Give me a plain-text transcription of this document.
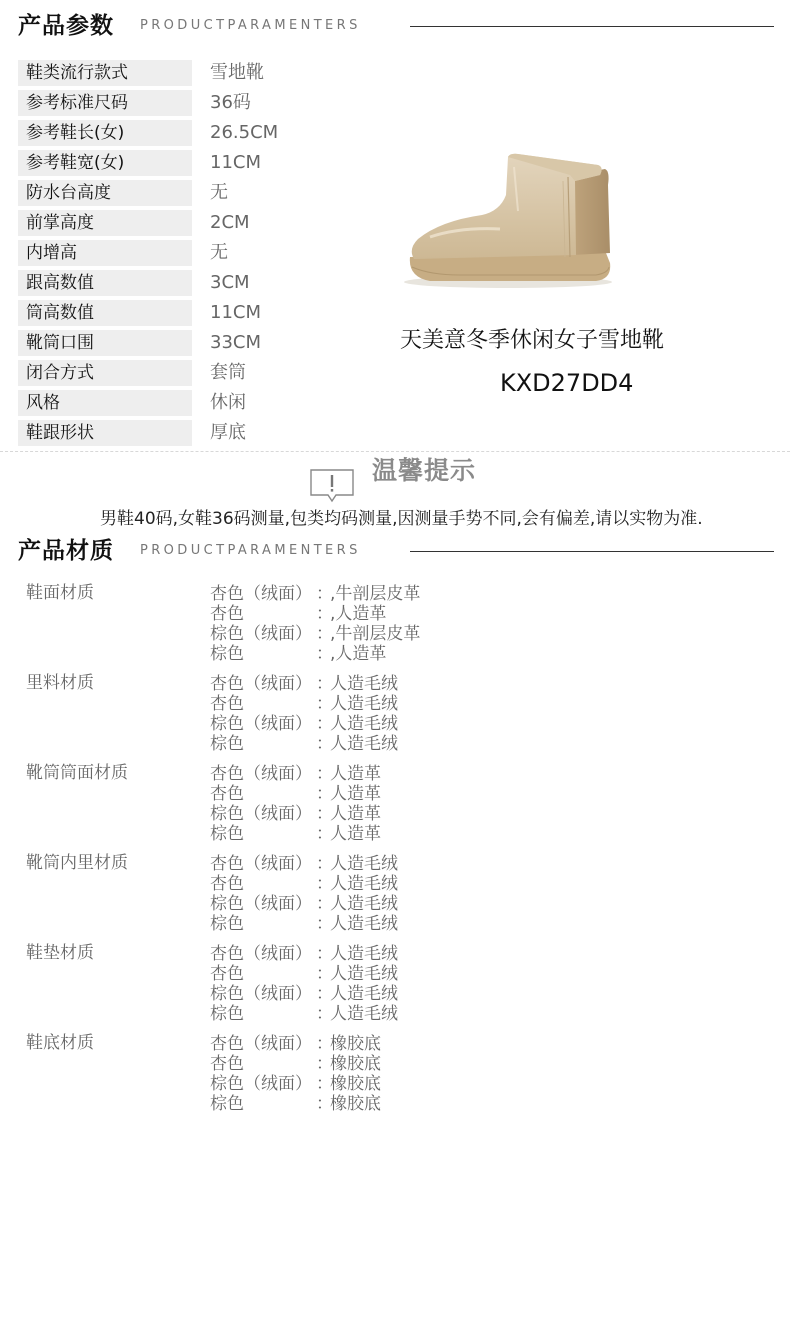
产品参数 PRODUCTPARAMENTERS
鞋类流行款式	雪地靴
参考标准尺码	36码
参考鞋长(女)	26.5CM
参考鞋宽(女)	11CM
防水台高度	无
前掌高度	2CM
内增高	无
跟高数值	3CM
筒高数值	11CM
靴筒口围	33CM
闭合方式	套筒
风格	休闲
鞋跟形状	厚底
天美意冬季休闲女子雪地靴
KXD27DD4
温馨提示
男鞋40码,女鞋36码测量,包类均码测量,因测量手势不同,会有偏差,请以实物为准.
产品材质 PRODUCTPARAMENTERS
鞋面材质	杏色（绒面） ：,牛剖层皮革
杏色	：,人造革
棕色（绒面） ：,牛剖层皮革
棕色	：,人造革
里料材质	杏色（绒面） ：人造毛绒
杏色	：人造毛绒
棕色（绒面） ：人造毛绒
棕色	：人造毛绒
靴筒筒面材质	杏色（绒面） ：人造革
杏色	：人造革
棕色（绒面） ：人造革
棕色	：人造革
靴筒内里材质	杏色（绒面） ：人造毛绒
杏色	：人造毛绒
棕色（绒面） ：人造毛绒
棕色	：人造毛绒
鞋垫材质	杏色（绒面） ：人造毛绒
杏色	：人造毛绒
棕色（绒面） ：人造毛绒
棕色	：人造毛绒
鞋底材质	杏色（绒面） ：橡胶底
杏色	：橡胶底
棕色（绒面） ：橡胶底
棕色	：橡胶底
